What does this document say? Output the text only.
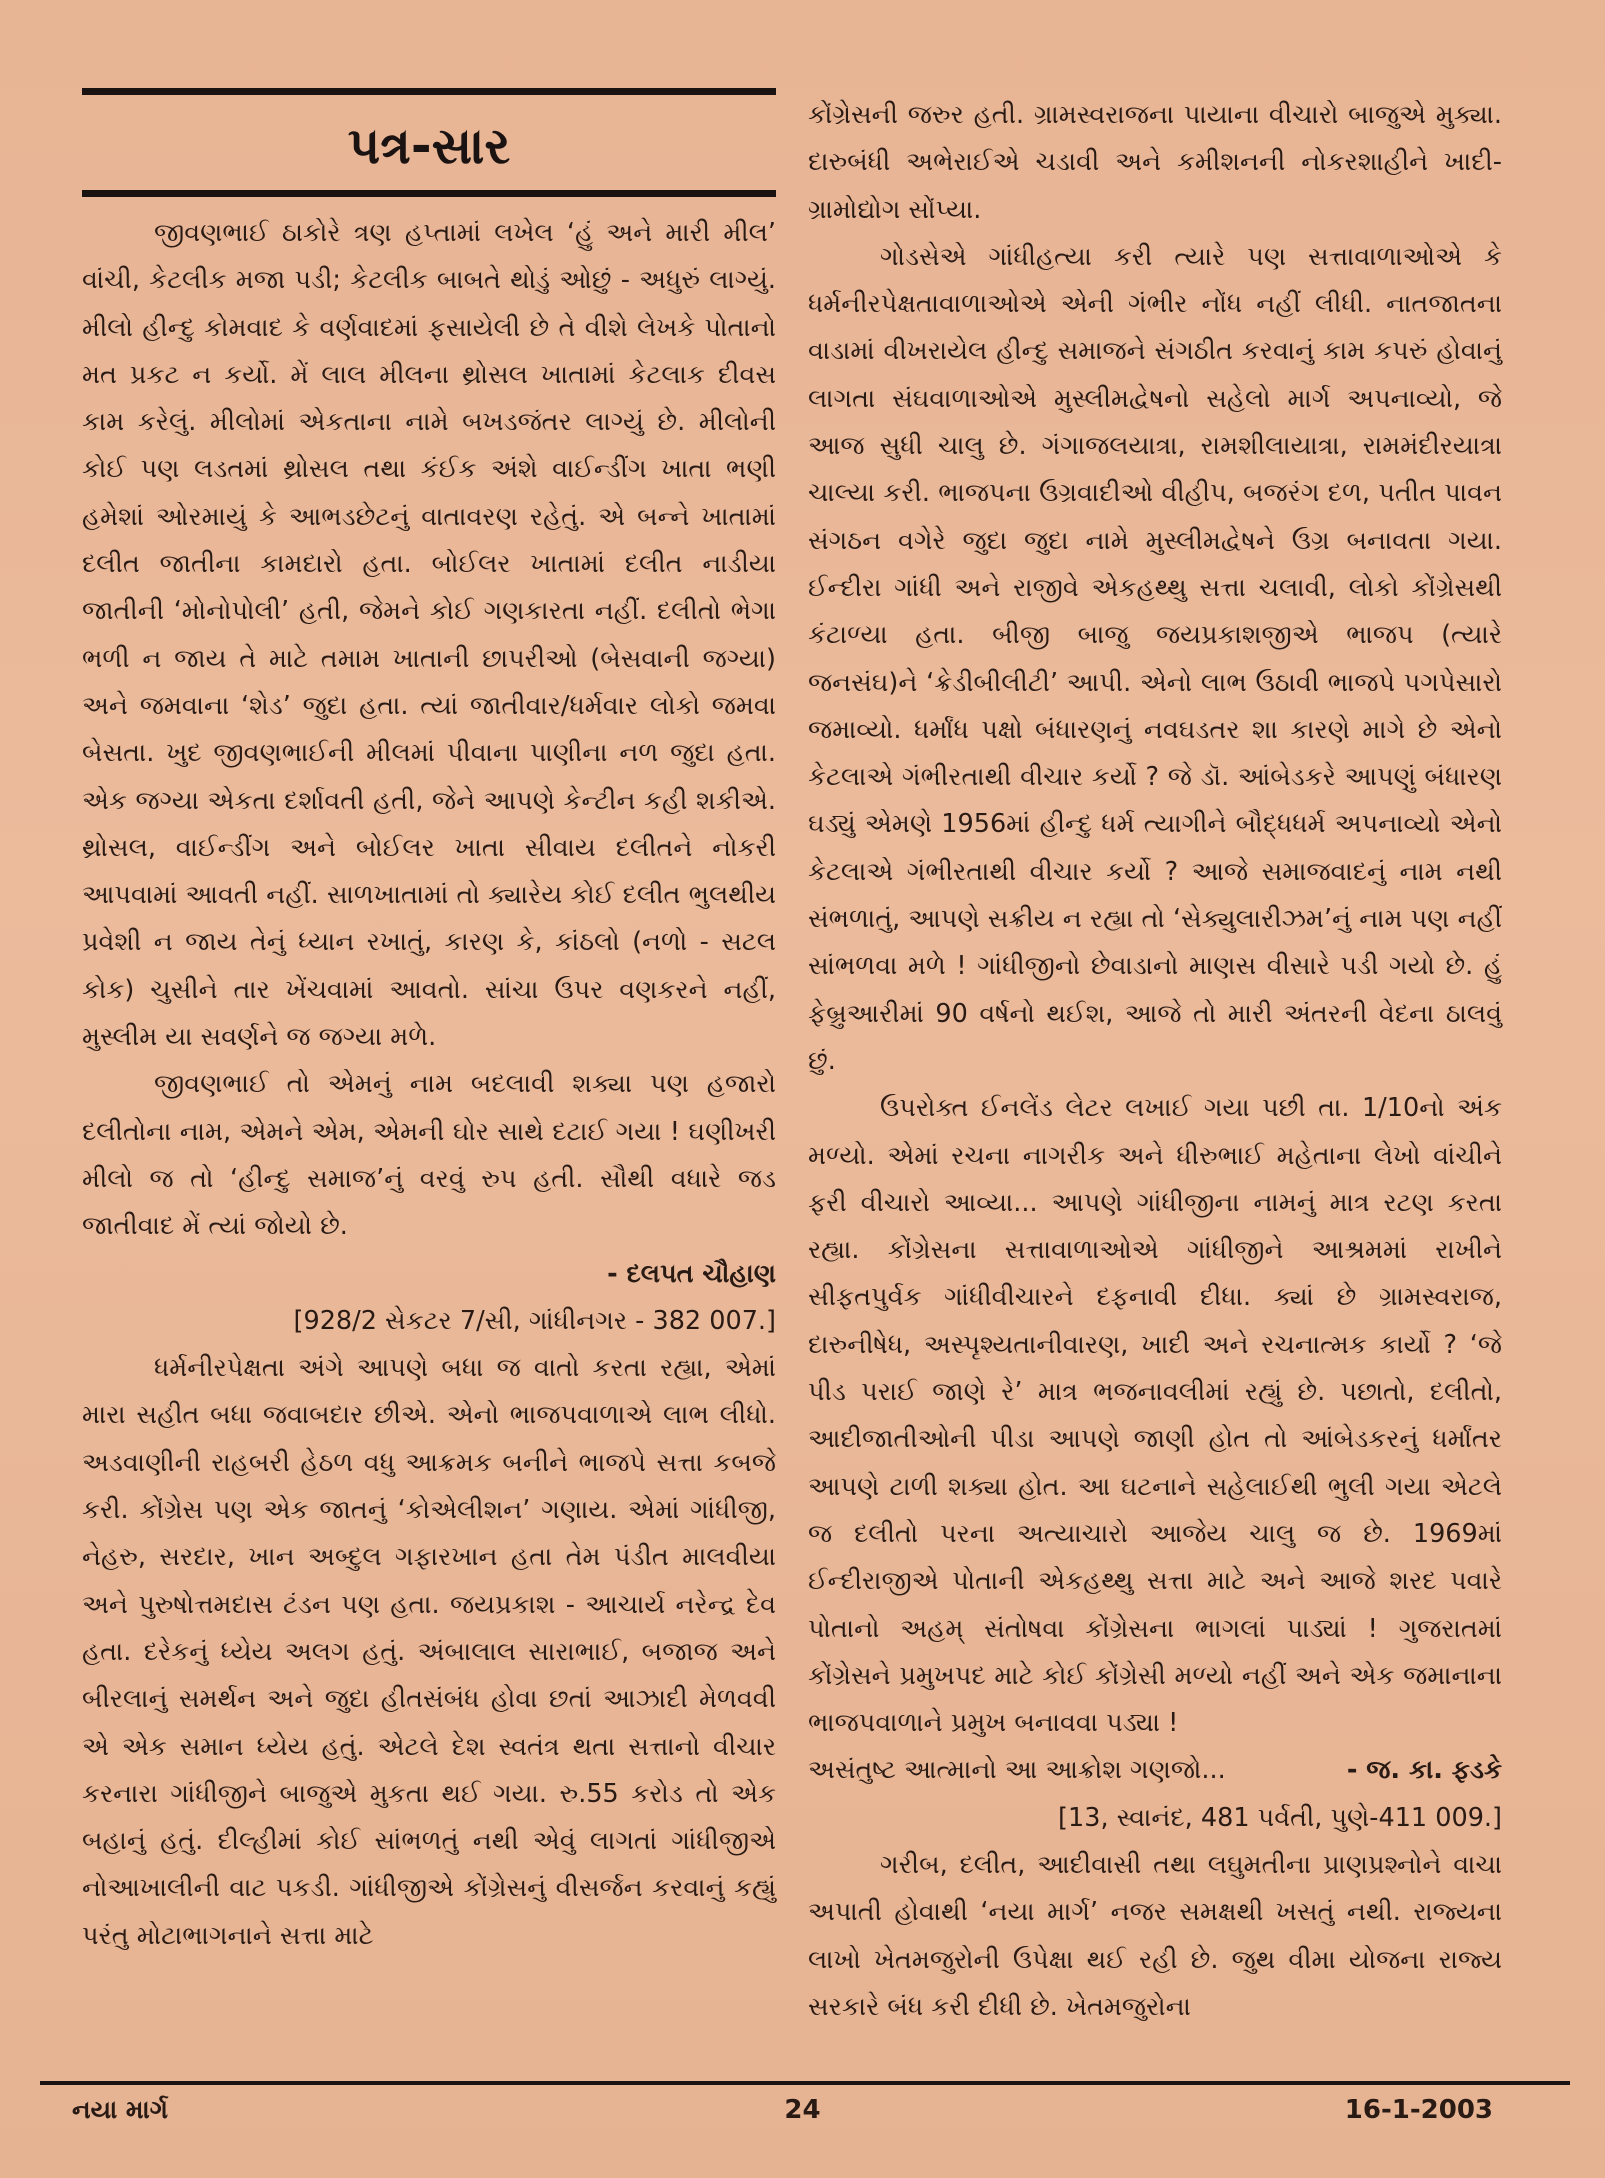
પત્ર-સાર

જીવણભાઈ ઠાકોરે ત્રણ હપ્તામાં લખેલ ‘હું અને મારી મીલ’ વાંચી, કેટલીક મજા પડી; કેટલીક બાબતે થોડું ઓછું - અધુરું લાગ્યું. મીલો હીન્દુ કોમવાદ કે વર્ણવાદમાં ફસાયેલી છે તે વીશે લેખકે પોતાનો મત પ્રકટ ન કર્યો. મેં લાલ મીલના થ્રોસલ ખાતામાં કેટલાક દીવસ કામ કરેલું. મીલોમાં એકતાના નામે બખડજંતર લાગ્યું છે. મીલોની કોઈ પણ લડતમાં થ્રોસલ તથા કંઈક અંશે વાઈન્ડીંગ ખાતા ભણી હમેશાં ઓરમાયું કે આભડછેટનું વાતાવરણ રહેતું. એ બન્ને ખાતામાં દલીત જાતીના કામદારો હતા. બોઈલર ખાતામાં દલીત નાડીયા જાતીની ‘મોનોપોલી’ હતી, જેમને કોઈ ગણકારતા નહીં. દલીતો ભેગા ભળી ન જાય તે માટે તમામ ખાતાની છાપરીઓ (બેસવાની જગ્યા) અને જમવાના ‘શેડ’ જુદા હતા. ત્યાં જાતીવાર/ધર્મવાર લોકો જમવા બેસતા. ખુદ જીવણભાઈની મીલમાં પીવાના પાણીના નળ જુદા હતા. એક જગ્યા એકતા દર્શાવતી હતી, જેને આપણે કેન્ટીન કહી શકીએ. થ્રોસલ, વાઈન્ડીંગ અને બોઈલર ખાતા સીવાય દલીતને નોકરી આપવામાં આવતી નહીં. સાળખાતામાં તો ક્યારેય કોઈ દલીત ભુલથીય પ્રવેશી ન જાય તેનું ધ્યાન રખાતું, કારણ કે, કાંઠલો (નળો - સટલ કોક) ચુસીને તાર ખેંચવામાં આવતો. સાંચા ઉપર વણકરને નહીં, મુસ્લીમ યા સવર્ણને જ જગ્યા મળે.

જીવણભાઈ તો એમનું નામ બદલાવી શક્યા પણ હજારો દલીતોના નામ, એમને એમ, એમની ઘોર સાથે દટાઈ ગયા ! ઘણીખરી મીલો જ તો ‘હીન્દુ સમાજ’નું વરવું રુપ હતી. સૌથી વધારે જડ જાતીવાદ મેં ત્યાં જોયો છે.

- દલપત ચૌહાણ
[928/2 સેકટર 7/સી, ગાંધીનગર - 382 007.]

ધર્મનીરપેક્ષતા અંગે આપણે બધા જ વાતો કરતા રહ્યા, એમાં મારા સહીત બધા જવાબદાર છીએ. એનો ભાજપવાળાએ લાભ લીધો. અડવાણીની રાહબરી હેઠળ વધુ આક્રમક બનીને ભાજપે સત્તા કબજે કરી. કોંગ્રેસ પણ એક જાતનું ‘કોએલીશન’ ગણાય. એમાં ગાંધીજી, નેહરુ, સરદાર, ખાન અબ્દુલ ગફારખાન હતા તેમ પંડીત માલવીયા અને પુરુષોત્તમદાસ ટંડન પણ હતા. જયપ્રકાશ - આચાર્ય નરેન્દ્ર દેવ હતા. દરેકનું ધ્યેય અલગ હતું. અંબાલાલ સારાભાઈ, બજાજ અને બીરલાનું સમર્થન અને જુદા હીતસંબંધ હોવા છતાં આઝાદી મેળવવી એ એક સમાન ધ્યેય હતું. એટલે દેશ સ્વતંત્ર થતા સત્તાનો વીચાર કરનારા ગાંધીજીને બાજુએ મુકતા થઈ ગયા. રુ.55 કરોડ તો એક બહાનું હતું. દીલ્હીમાં કોઈ સાંભળતું નથી એવું લાગતાં ગાંધીજીએ નોઆખાલીની વાટ પકડી. ગાંધીજીએ કોંગ્રેસનું વીસર્જન કરવાનું કહ્યું પરંતુ મોટાભાગનાને સત્તા માટે

કોંગ્રેસની જરુર હતી. ગ્રામસ્વરાજના પાયાના વીચારો બાજુએ મુક્યા. દારુબંધી અભેરાઈએ ચડાવી અને કમીશનની નોકરશાહીને ખાદી-ગ્રામોદ્યોગ સોંપ્યા.

ગોડસેએ ગાંધીહત્યા કરી ત્યારે પણ સત્તાવાળાઓએ કે ધર્મનીરપેક્ષતાવાળાઓએ એની ગંભીર નોંધ નહીં લીધી. નાતજાતના વાડામાં વીખરાયેલ હીન્દુ સમાજને સંગઠીત કરવાનું કામ કપરું હોવાનું લાગતા સંઘવાળાઓએ મુસ્લીમદ્વેષનો સહેલો માર્ગ અપનાવ્યો, જે આજ સુધી ચાલુ છે. ગંગાજલયાત્રા, રામશીલાયાત્રા, રામમંદીરયાત્રા ચાલ્યા કરી. ભાજપના ઉગ્રવાદીઓ વીહીપ, બજરંગ દળ, પતીત પાવન સંગઠન વગેરે જુદા જુદા નામે મુસ્લીમદ્વેષને ઉગ્ર બનાવતા ગયા. ઈન્દીરા ગાંધી અને રાજીવે એકહથ્થુ સત્તા ચલાવી, લોકો કોંગ્રેસથી કંટાળ્યા હતા. બીજી બાજુ જયપ્રકાશજીએ ભાજપ (ત્યારે જનસંઘ)ને ‘ક્રેડીબીલીટી’ આપી. એનો લાભ ઉઠાવી ભાજપે પગપેસારો જમાવ્યો. ધર્માંધ પક્ષો બંધારણનું નવઘડતર શા કારણે માગે છે એનો કેટલાએ ગંભીરતાથી વીચાર કર્યો ? જે ડૉ. આંબેડકરે આપણું બંધારણ ઘડ્યું એમણે 1956માં હીન્દુ ધર્મ ત્યાગીને બૌદ્ધધર્મ અપનાવ્યો એનો કેટલાએ ગંભીરતાથી વીચાર કર્યો ? આજે સમાજવાદનું નામ નથી સંભળાતું, આપણે સક્રીય ન રહ્યા તો ‘સેક્યુલારીઝમ’નું નામ પણ નહીં સાંભળવા મળે ! ગાંધીજીનો છેવાડાનો માણસ વીસારે પડી ગયો છે. હું ફેબ્રુઆરીમાં 90 વર્ષનો થઈશ, આજે તો મારી અંતરની વેદના ઠાલવું છું.

ઉપરોક્ત ઈનલેંડ લેટર લખાઈ ગયા પછી તા. 1/10નો અંક મળ્યો. એમાં રચના નાગરીક અને ધીરુભાઈ મહેતાના લેખો વાંચીને ફરી વીચારો આવ્યા... આપણે ગાંધીજીના નામનું માત્ર રટણ કરતા રહ્યા. કોંગ્રેસના સત્તાવાળાઓએ ગાંધીજીને આશ્રમમાં રાખીને સીફતપુર્વક ગાંધીવીચારને દફનાવી દીધા. ક્યાં છે ગ્રામસ્વરાજ, દારુનીષેધ, અસ્પૃશ્યતાનીવારણ, ખાદી અને રચનાત્મક કાર્યો ? ‘જે પીડ પરાઈ જાણે રે’ માત્ર ભજનાવલીમાં રહ્યું છે. પછાતો, દલીતો, આદીજાતીઓની પીડા આપણે જાણી હોત તો આંબેડકરનું ધર્માંતર આપણે ટાળી શક્યા હોત. આ ઘટનાને સહેલાઈથી ભુલી ગયા એટલે જ દલીતો પરના અત્યાચારો આજેય ચાલુ જ છે. 1969માં ઈન્દીરાજીએ પોતાની એકહથ્થુ સત્તા માટે અને આજે શરદ પવારે પોતાનો અહમ્ સંતોષવા કોંગ્રેસના ભાગલાં પાડ્યાં ! ગુજરાતમાં કોંગ્રેસને પ્રમુખપદ માટે કોઈ કોંગ્રેસી મળ્યો નહીં અને એક જમાનાના ભાજપવાળાને પ્રમુખ બનાવવા પડ્યા !

અસંતુષ્ટ આત્માનો આ આક્રોશ ગણજો...	- જ. કા. ફડકે
[13, સ્વાનંદ, 481 પર્વતી, પુણે-411 009.]

ગરીબ, દલીત, આદીવાસી તથા લઘુમતીના પ્રાણપ્રશ્નોને વાચા અપાતી હોવાથી ‘નયા માર્ગ’ નજર સમક્ષથી ખસતું નથી. રાજ્યના લાખો ખેતમજુરોની ઉપેક્ષા થઈ રહી છે. જુથ વીમા યોજના રાજ્ય સરકારે બંધ કરી દીધી છે. ખેતમજુરોના

નયા માર્ગ	24	16-1-2003
